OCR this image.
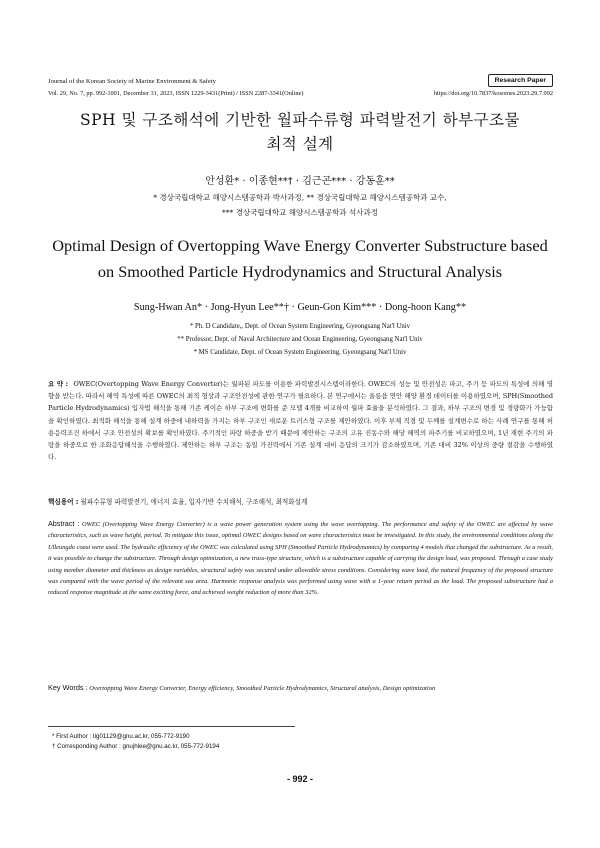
Journal of the Korean Society of Marine Environment & Safety	Research Paper
Vol. 29, No. 7, pp. 992-1001, December 31, 2023, ISSN 1229-3431(Print) / ISSN 2287-3341(Online)	https://doi.org/10.7837/kosomes.2023.29.7.992
SPH 및 구조해석에 기반한 월파수류형 파력발전기 하부구조물
최적 설계
안성환* · 이종현**† · 김근곤*** · 강동훈**
* 경상국립대학교 해양시스템공학과 박사과정, ** 경상국립대학교 해양시스템공학과 교수,
*** 경상국립대학교 해양시스템공학과 석사과정
Optimal Design of Overtopping Wave Energy Converter Substructure based
on Smoothed Particle Hydrodynamics and Structural Analysis
Sung-Hwan An* · Jong-Hyun Lee**† · Geun-Gon Kim*** · Dong-hoon Kang**
* Ph. D Candidate,, Dept. of Ocean System Engineering, Gyeongsang Nat'l Univ
** Professor, Dept. of Naval Architecture and Ocean Engineering, Gyeongsang Nat'l Univ
* MS Candidate, Dept. of Ocean System Engineering, Gyeongsang Nat'l Univ
요 약 : OWEC(Overtopping Wave Energy Converter)는 월파된 파도를 이용한 파력발전시스템이라한다. OWEC의 성능 및 안전성은 파고, 주기 등 파도의 특성에 의해 영향을 받는다. 따라서 해역 특성에 따른 OWEC의 최적 형상과 구조안전성에 관한 연구가 필요하다. 본 연구에서는 울릉읍 연안 해양 환경 데이터를 이용하였으며, SPH(Smoothed Particle Hydrodynamics) 입자법 해석을 통해 기존 케이슨 하부 구조에 변화를 준 모델 4개를 비교하여 월파 효율을 분석하였다. 그 결과, 하부 구조의 변경 및 경량화가 가능함을 확인하였다. 최적화 해석을 통해 설계 하중에 내하력을 가지는 하부 구조인 새로운 트러스형 구조를 제안하였다. 이후 부재 직경 및 두께를 설계변수로 하는 사례 연구를 통해 허용응력조건 하에서 구조 안전성의 확보를 확인하였다. 주기적인 파랑 하중을 받기 때문에 제안하는 구조의 고유 진동수와 해당 해역의 파주기를 비교하였으며, 1년 재현 주기의 파랑을 하중으로 한 조화응답해석을 수행하였다. 제안하는 하부 구조는 동일 가진력에서 기존 설계 대비 응답의 크기가 감소하였으며, 기존 대비 32% 이상의 중량 절감을 수행하였다.
핵심용어 : 월파수류형 파력발전기, 에너지 효율, 입자기반 수치해석, 구조해석, 최적화설계
Abstract : OWEC (Overtopping Wave Energy Converter) is a wave power generation system using the wave overtopping. The performance and safety of the OWEC are affected by wave characteristics, such as wave height, period. To mitigate this issue, optimal OWEC designs based on wave characteristics must be investigated. In this study, the environmental conditions along the Ulleungdo coast were used. The hydraulic efficiency of the OWEC was calculated using SPH (Smoothed Particle Hydrodynamics) by comparing 4 models that changed the substructure. As a result, it was possible to change the substructure. Through design optimization, a new truss-type structure, which is a substructure capable of carrying the design load, was proposed. Through a case study using member diameter and thickness as design variables, structural safety was secured under allowable stress conditions. Considering wave load, the natural frequency of the proposed structure was compared with the wave period of the relevant sea area. Harmonic response analysis was performed using wave with a 1-year return period as the load. The proposed substructure had a reduced response magnitude at the same exciting force, and achieved weight reduction of more than 32%.
Key Words : Overtopping Wave Energy Converter, Energy efficiency, Smoothed Particle Hydrodynamics, Structural analysis, Design optimization
* First Author : tig01129@gnu.ac.kr, 055-772-9190
† Corresponding Author : gnujhlee@gnu.ac.kr, 055-772-9194
- 992 -
